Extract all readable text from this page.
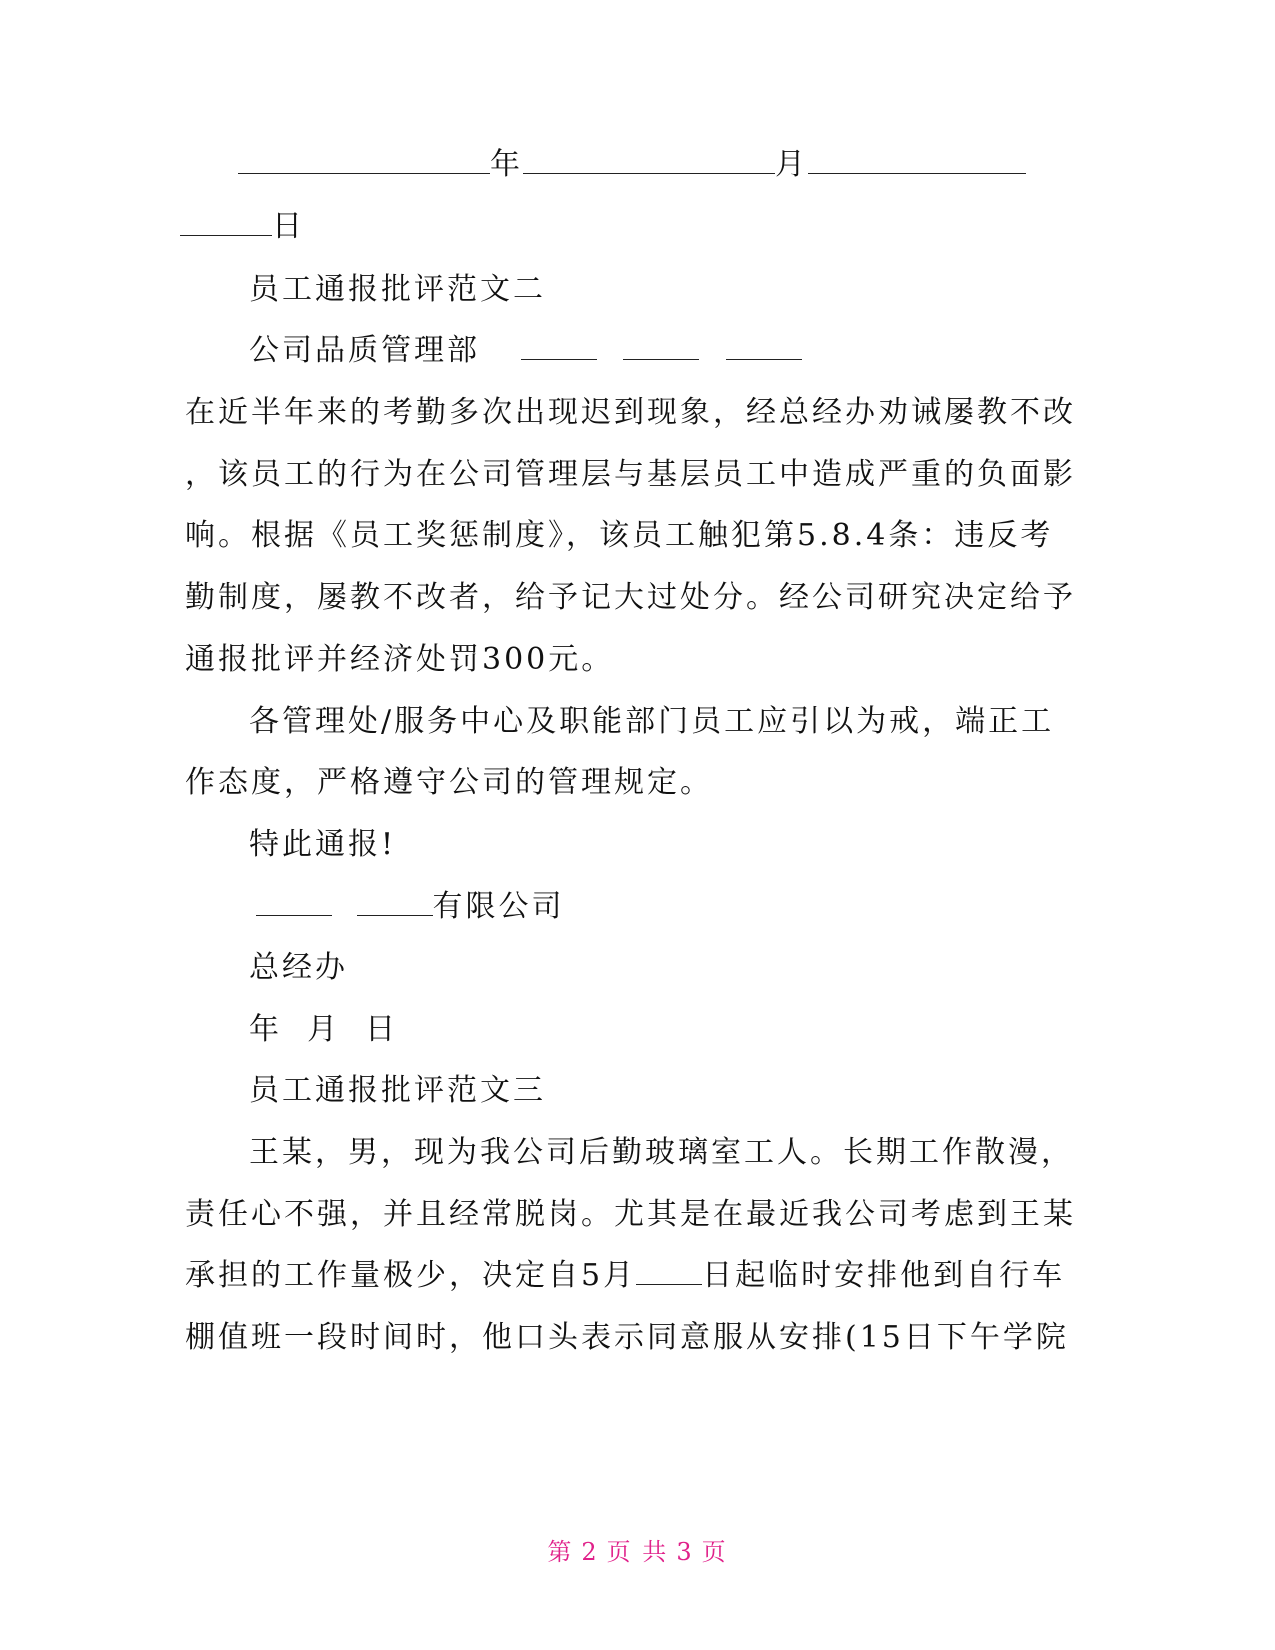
年	月
日
员工通报批评范文二
公司品质管理部
在近半年来的考勤多次出现迟到现象，经总经办劝诫屡教不改
，该员工的行为在公司管理层与基层员工中造成严重的负面影
响。根据《员工奖惩制度》，该员工触犯第5.8.4条：违反考
勤制度，屡教不改者，给予记大过处分。经公司研究决定给予
通报批评并经济处罚300元。
各管理处/服务中心及职能部门员工应引以为戒，端正工
作态度，严格遵守公司的管理规定。
特此通报!
有限公司
总经办
年  月  日
员工通报批评范文三
王某，男，现为我公司后勤玻璃室工人。长期工作散漫，
责任心不强，并且经常脱岗。尤其是在最近我公司考虑到王某
承担的工作量极少，决定自5月 日起临时安排他到自行车
棚值班一段时间时，他口头表示同意服从安排(15日下午学院
第 2 页 共 3 页
